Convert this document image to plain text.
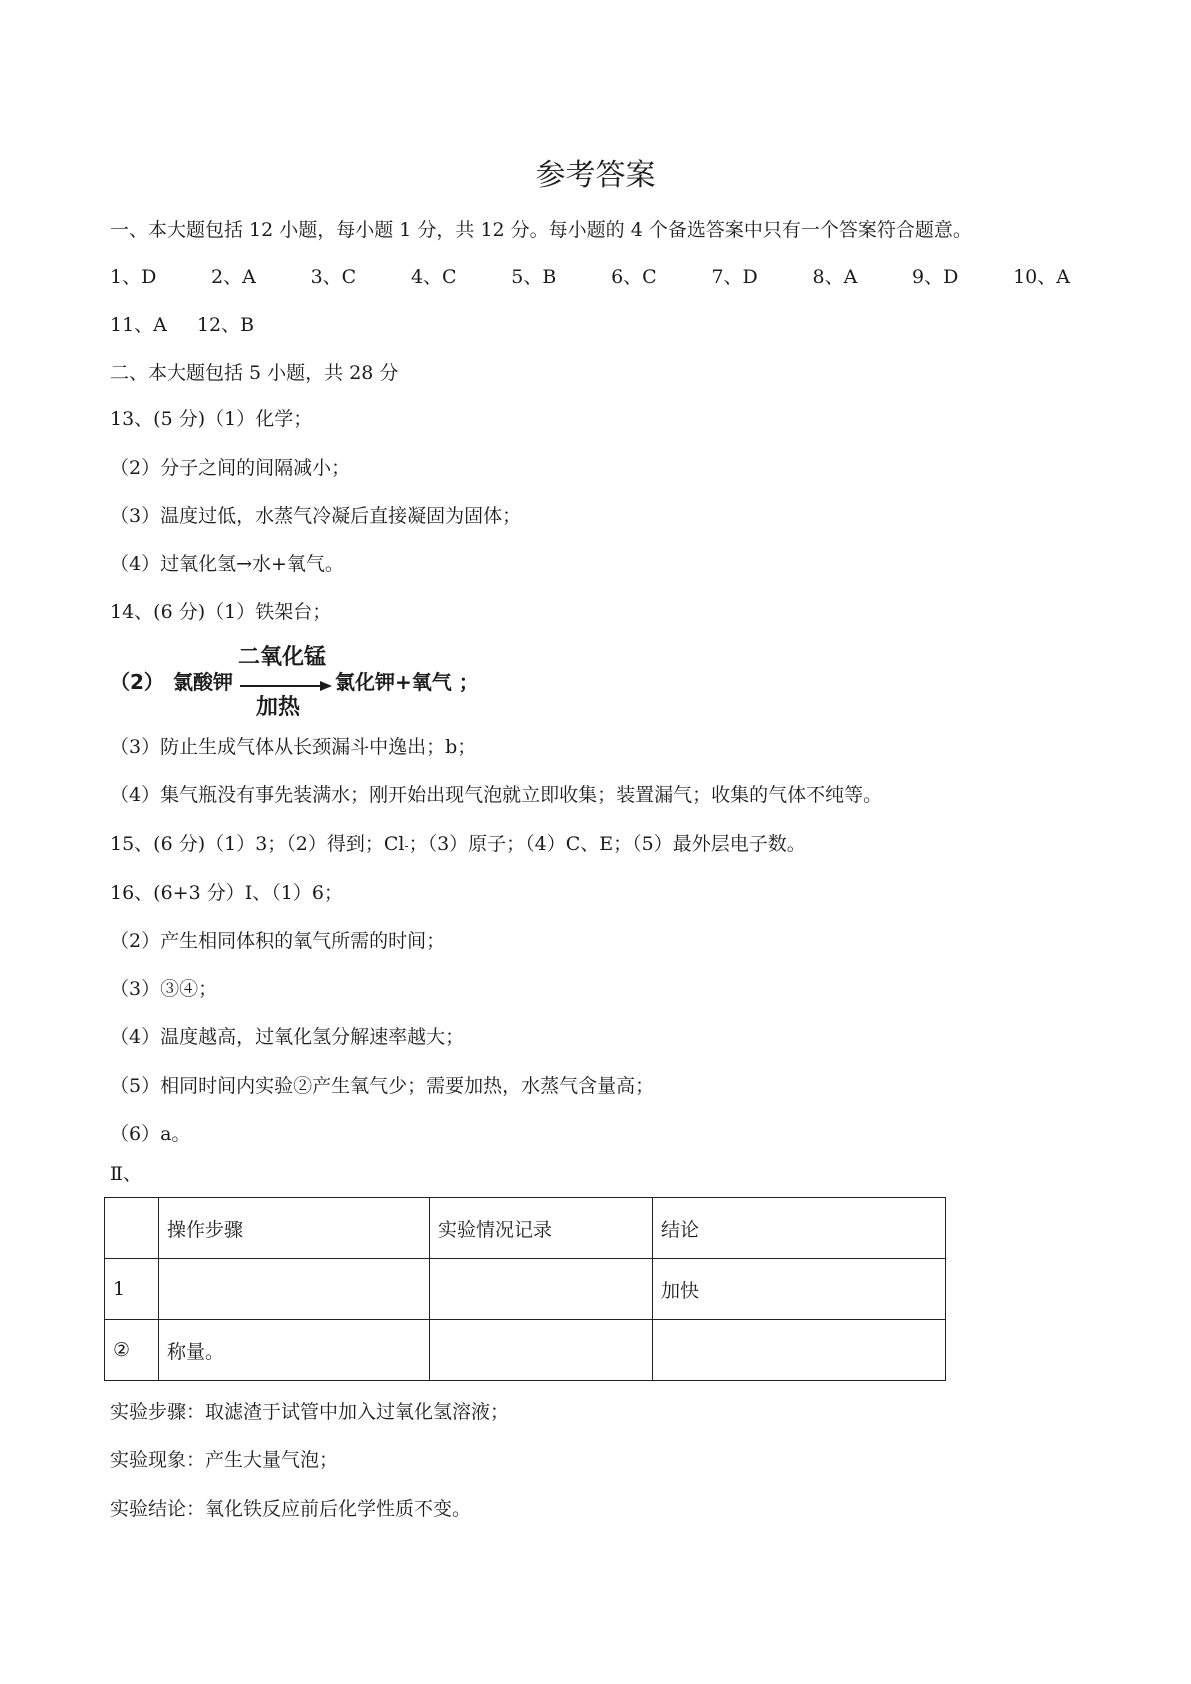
参考答案
一、本大题包括 12 小题，每小题 1 分，共 12 分。每小题的 4 个备选答案中只有一个答案符合题意。
1、D	2、A	3、C	4、C	5、B	6、C	7、D	8、A	9、D	10、A
11、A 12、B
二、本大题包括 5 小题，共 28 分
13、(5 分)（1）化学；
（2）分子之间的间隔减小；
（3）温度过低，水蒸气冷凝后直接凝固为固体；
（4）过氧化氢→水+氧气。
14、(6 分)（1）铁架台；
（2） 氯酸钾
二氧化锰
加热
氯化钾+氧气 ；
（3）防止生成气体从长颈漏斗中逸出；b；
（4）集气瓶没有事先装满水；刚开始出现气泡就立即收集；装置漏气；收集的气体不纯等。
15、(6 分)（1）3；（2）得到；Cl-；（3）原子；（4）C、E；（5）最外层电子数。
16、(6+3 分）Ⅰ、（1）6；
（2）产生相同体积的氧气所需的时间；
（3）③④；
（4）温度越高，过氧化氢分解速率越大；
（5）相同时间内实验②产生氧气少；需要加热，水蒸气含量高；
（6）a。
Ⅱ、
	操作步骤	实验情况记录	结论
1			加快
②	称量。		
实验步骤：取滤渣于试管中加入过氧化氢溶液；
实验现象：产生大量气泡；
实验结论：氧化铁反应前后化学性质不变。
